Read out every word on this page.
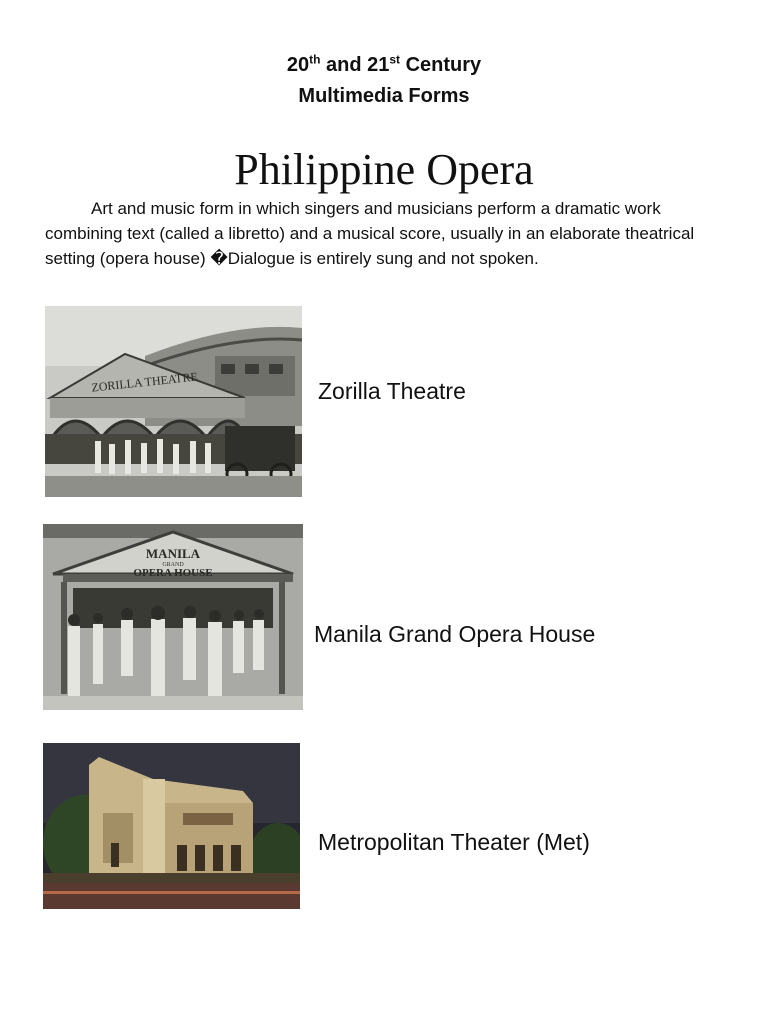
20th and 21st Century
Multimedia Forms
Philippine Opera
Art and music form in which singers and musicians perform a dramatic work combining text (called a libretto) and a musical score, usually in an elaborate theatrical setting (opera house) �Dialogue is entirely sung and not spoken.
ZORILLA THEATRE	Zorilla Theatre
MANILA
GRAND
OPERA HOUSE
Manila Grand Opera House
Metropolitan Theater (Met)
